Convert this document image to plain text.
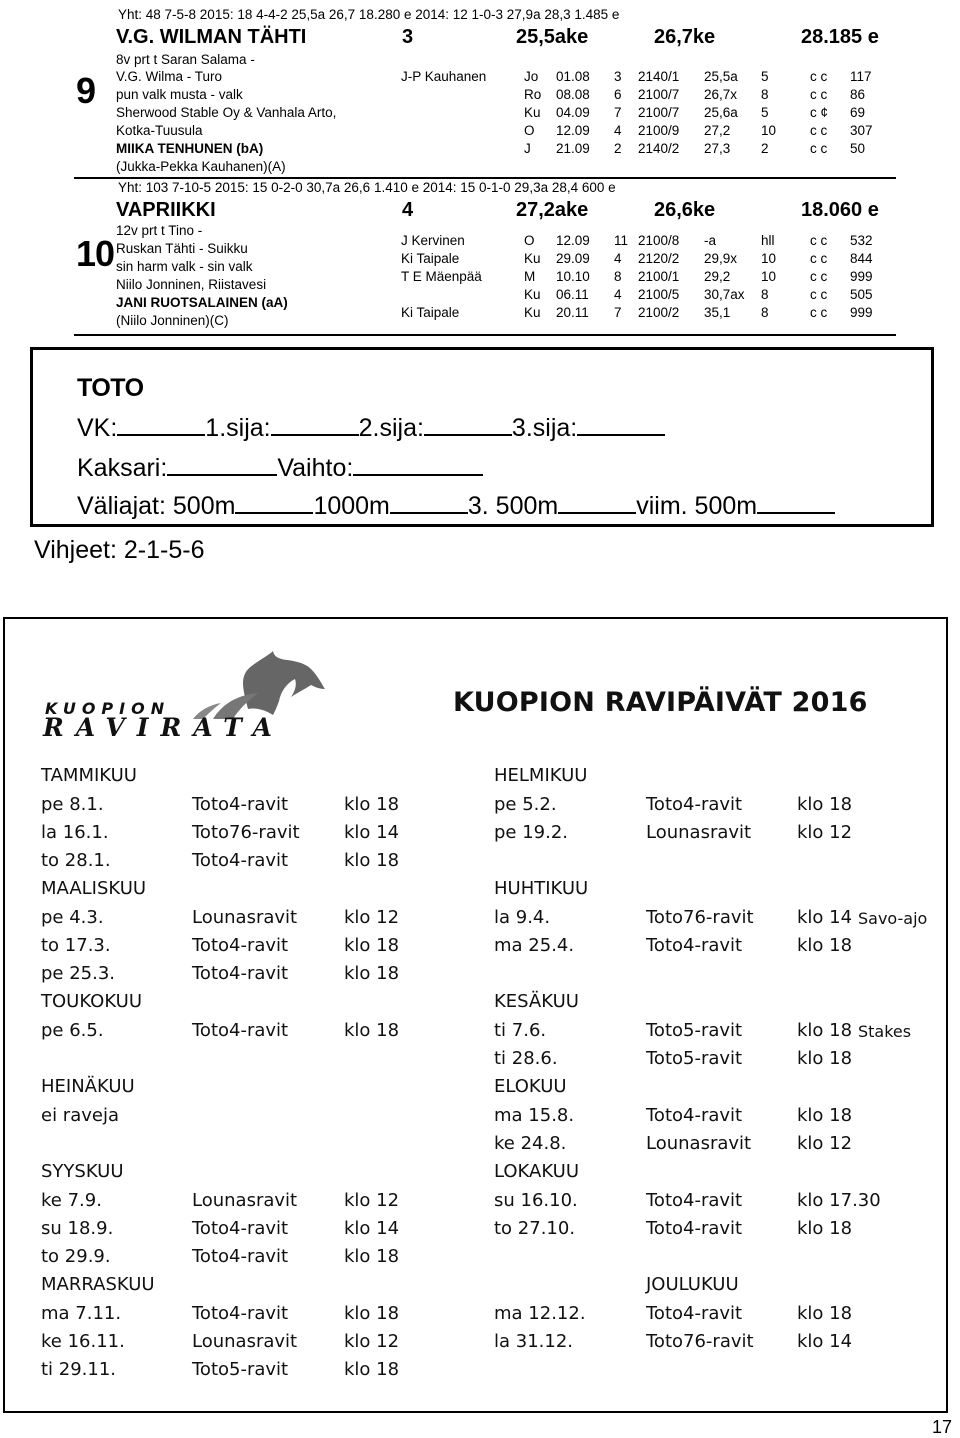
Yht: 48 7-5-8 2015: 18 4-4-2 25,5a 26,7 18.280 e 2014: 12 1-0-3 27,9a 28,3 1.485 e
V.G. WILMAN TÄHTI	3	25,5ake	26,7ke	28.185 e
9
8v prt t Saran Salama -
V.G. Wilma - Turo
pun valk musta - valk
Sherwood Stable Oy & Vanhala Arto,
Kotka-Tuusula
MIIKA TENHUNEN (bA)
(Jukka-Pekka Kauhanen)(A)
J-P Kauhanen	Jo 01.08 3 2140/1 25,5a 5	c c 117
Ro 08.08 6 2100/7 26,7x 8	c c 86
Ku 04.09 7 2100/7 25,6a 5	c ¢ 69
O 12.09 4 2100/9 27,2 10	c c 307
J 21.09 2 2140/2 27,3 2	c c 50
Yht: 103 7-10-5 2015: 15 0-2-0 30,7a 26,6 1.410 e 2014: 15 0-1-0 29,3a 28,4 600 e
VAPRIIKKI	4	27,2ake	26,6ke	18.060 e
10
12v prt t Tino -
Ruskan Tähti - Suikku
sin harm valk - sin valk
Niilo Jonninen, Riistavesi
JANI RUOTSALAINEN (aA)
(Niilo Jonninen)(C)
J Kervinen	O 12.09 11 2100/8 -a	hll	c c 532
Ki Taipale	Ku 29.09 4 2120/2 29,9x 10	c c 844
T E Mäenpää	M 10.10 8 2100/1 29,2 10	c c 999
Ku 06.11 4 2100/5 30,7ax 8	c c 505
Ki Taipale	Ku 20.11 7 2100/2 35,1 8	c c 999
TOTO
VK:	1.sija:	2.sija:	3.sija:
Kaksari:	Vaihto:
Väliajat: 500m	1000m	3. 500m	viim. 500m
Vihjeet: 2-1-5-6
KUOPION
RAVIRATA
KUOPION RAVIPÄIVÄT 2016
TAMMIKUU
pe 8.1.	Toto4-ravit	klo 18
la 16.1.	Toto76-ravit klo 14
to 28.1.	Toto4-ravit	klo 18
MAALISKUU
pe 4.3.	Lounasravit	klo 12
to 17.3.	Toto4-ravit	klo 18
pe 25.3.	Toto4-ravit	klo 18
TOUKOKUU
pe 6.5.	Toto4-ravit	klo 18
HEINÄKUU
ei raveja
SYYSKUU
ke 7.9.	Lounasravit	klo 12
su 18.9.	Toto4-ravit	klo 14
to 29.9.	Toto4-ravit	klo 18
MARRASKUU
ma 7.11.	Toto4-ravit	klo 18
ke 16.11.	Lounasravit	klo 12
ti 29.11.	Toto5-ravit	klo 18
HELMIKUU
pe 5.2.	Toto4-ravit	klo 18
pe 19.2.	Lounasravit	klo 12
HUHTIKUU
la 9.4.	Toto76-ravit klo 14 Savo-ajo
ma 25.4.	Toto4-ravit	klo 18
KESÄKUU
ti 7.6.	Toto5-ravit	klo 18 Stakes
ti 28.6.	Toto5-ravit	klo 18
ELOKUU
ma 15.8.	Toto4-ravit	klo 18
ke 24.8.	Lounasravit	klo 12
LOKAKUU
su 16.10.	Toto4-ravit	klo 17.30
to 27.10.	Toto4-ravit	klo 18
JOULUKUU
ma 12.12.	Toto4-ravit	klo 18
la 31.12.	Toto76-ravit klo 14
17
